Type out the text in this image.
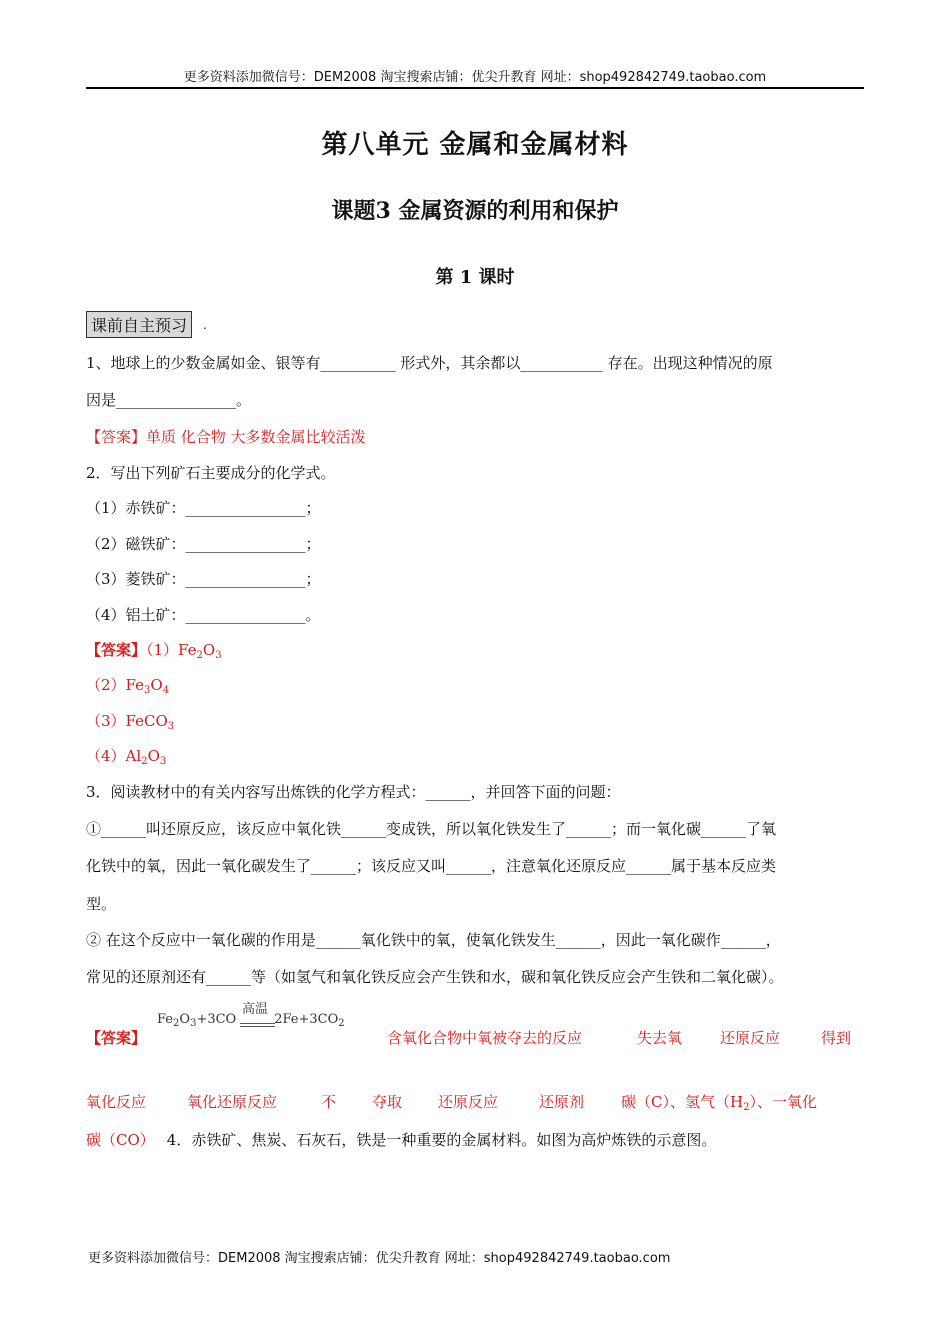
更多资料添加微信号：DEM2008 淘宝搜索店铺：优尖升教育 网址：shop492842749.taobao.com
第八单元 金属和金属材料
课题3 金属资源的利用和保护
第 1 课时
课前自主预习	.
1、地球上的少数金属如金、银等有__________ 形式外，其余都以___________ 存在。出现这种情况的原
因是________________。
【答案】单质 化合物 大多数金属比较活泼
2．写出下列矿石主要成分的化学式。
（1）赤铁矿：________________；
（2）磁铁矿：________________；
（3）菱铁矿：________________；
（4）铝土矿：________________。
【答案】$(1)Fe_2O_3$
$(2)Fe_3O_4$
（3）FeCO$_3$
$(4)Al_2O_3$
3．阅读教材中的有关内容写出炼铁的化学方程式：______，并回答下面的问题：
①______叫还原反应，该反应中氧化铁______变成铁，所以氧化铁发生了______；而一氧化碳______了氧
化铁中的氧，因此一氧化碳发生了______；该反应又叫______，注意氧化还原反应______属于基本反应类
型。
② 在这个反应中一氧化碳的作用是______氧化铁中的氧，使氧化铁发生______，因此一氧化碳作______，
常见的还原剂还有______等（如氢气和氧化铁反应会产生铁和水，碳和氧化铁反应会产生铁和二氧化碳）。
【答案】
$Fe_2O_3+3CO$	$2Fe+3CO_2$
高温
含氧化合物中氧被夺去的反应	失去氧	还原反应	得到
氧化反应	氧化还原反应	不 夺取 还原反应	还原剂 碳（C）、氢气$(H_2)$、一氧化
碳（CO） 4．赤铁矿、焦炭、石灰石，铁是一种重要的金属材料。如图为高炉炼铁的示意图。
更多资料添加微信号：DEM2008 淘宝搜索店铺：优尖升教育 网址：shop492842749.taobao.com
